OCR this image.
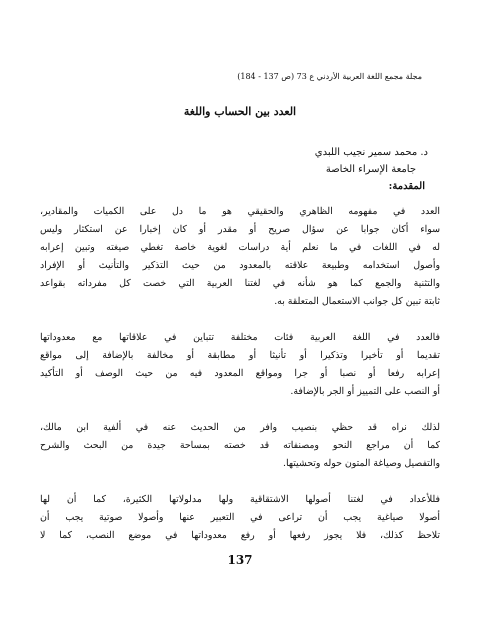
مجلة مجمع اللغة العربية الأردني ع 73 (ص 137 - 184)
العدد بين الحساب واللغة
د. محمد سمير نجيب اللبدي
جامعة الإسراء الخاصة
المقدمة:
العدد في مفهومه الظاهري والحقيقي هو ما دل على الكميات والمقادير،
سواء أكان جوابا عن سؤال صريح أو مقدر أو كان إخبارا عن استكثار وليس
له في اللغات في ما نعلم أية دراسات لغوية خاصة تغطي صيغته وتبين إعرابه
وأصول استخدامه وطبيعة علاقته بالمعدود من حيث التذكير والتأنيث أو الإفراد
والتثنية والجمع كما هو شأنه في لغتنا العربية التي خصت كل مفرداته بقواعد
ثابتة تبين كل جوانب الاستعمال المتعلقة به.
فالعدد في اللغة العربية فئات مختلفة تتباين في علاقاتها مع معدوداتها
تقديما أو تأخيرا وتذكيرا أو تأنيثا أو مطابقة أو مخالفة بالإضافة إلى مواقع
إعرابه رفعا أو نصبا أو جرا ومواقع المعدود فيه من حيث الوصف أو التأكيد
أو النصب على التمييز أو الجر بالإضافة.
لذلك نراه قد حظي بنصيب وافر من الحديث عنه في ألفية ابن مالك،
كما أن مراجع النحو ومصنفاته قد خصته بمساحة جيدة من البحث والشرح
والتفصيل وصياغة المتون حوله وتحشيتها.
فللأعداد في لغتنا أصولها الاشتقاقية ولها مدلولاتها الكثيرة، كما أن لها
أصولا صياغية يجب أن تراعى في التعبير عنها وأصولا صوتية يجب أن
تلاحظ كذلك، فلا يجوز رفعها أو رفع معدوداتها في موضع النصب، كما لا
137
